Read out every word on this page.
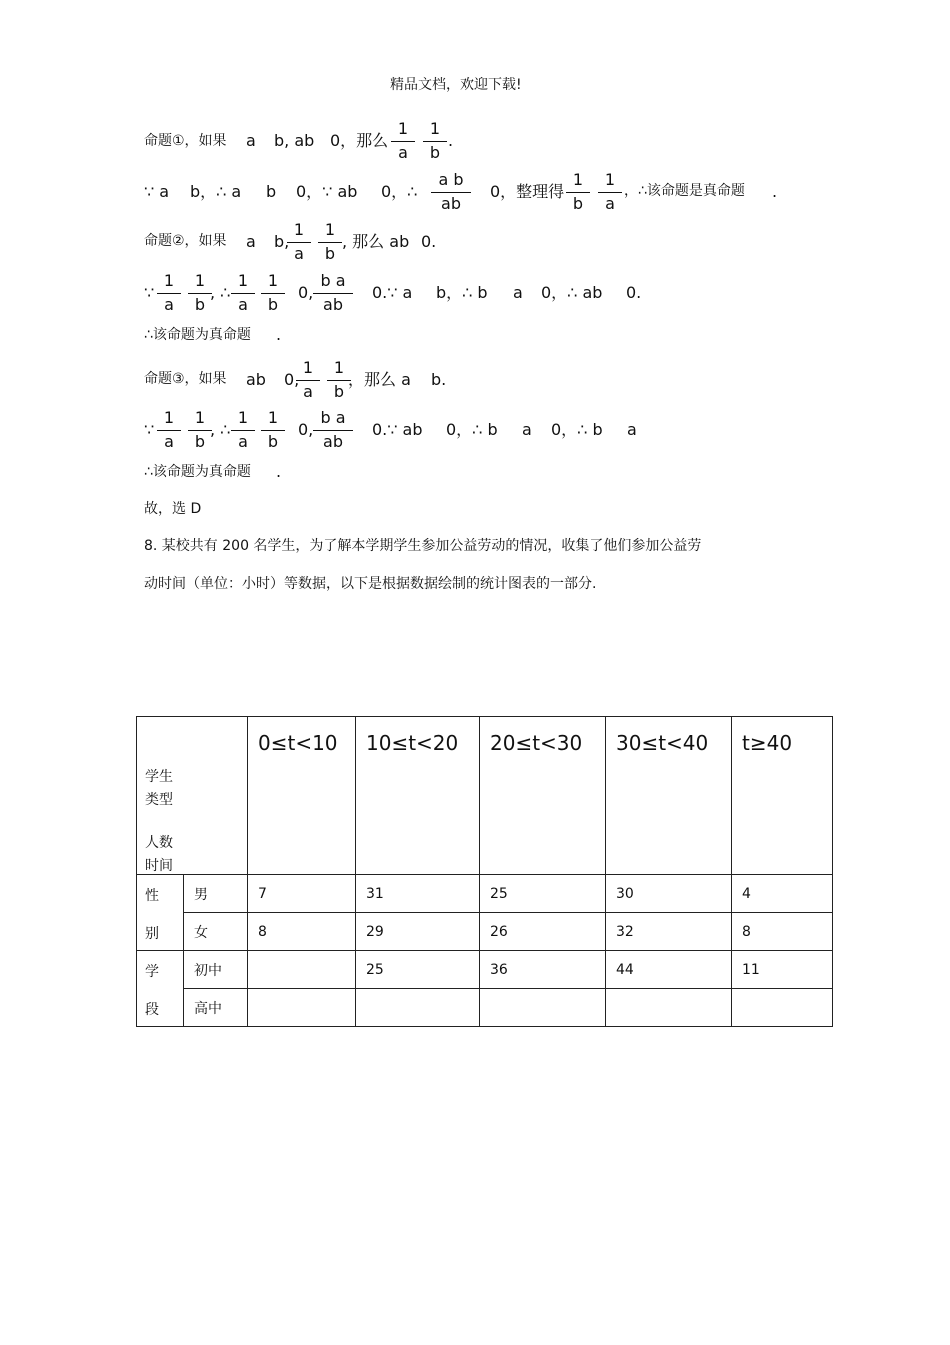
精品文档，欢迎下载!
命题①，如果 a b, ab 0，那么
1
a
1
b
.
∵ a b，∴ a b 0，∵ ab 0，∴
a b
ab
0，整理得
1
b
1
a
，∴该命题是真命题 .
命题②，如果 a b,
1
a
1
b
, 那么 ab 0.
∵
1
a
1
b
, ∴
1
a
1
b
0,
b a
ab
0.∵ a b，∴ b a 0，∴ ab 0.
∴该命题为真命题 .
命题③，如果 ab 0,
1
a
1
b
，那么 a b.
∵
1
a
1
b
, ∴
1
a
1
b
0,
b a
ab
0.∵ ab 0，∴ b a 0，∴ b a
∴该命题为真命题 .
故，选 D
8. 某校共有 200 名学生，为了解本学期学生参加公益劳动的情况，收集了他们参加公益劳
动时间（单位：小时）等数据，以下是根据数据绘制的统计图表的一部分.
学生
类型
人数
时间		0≤t<10	10≤t<20	20≤t<30	30≤t<40	t≥40

性
别	男	7	31	25	30	4
	女	8	29	26	32	8

学
段	初中		25	36	44	11
	高中					
